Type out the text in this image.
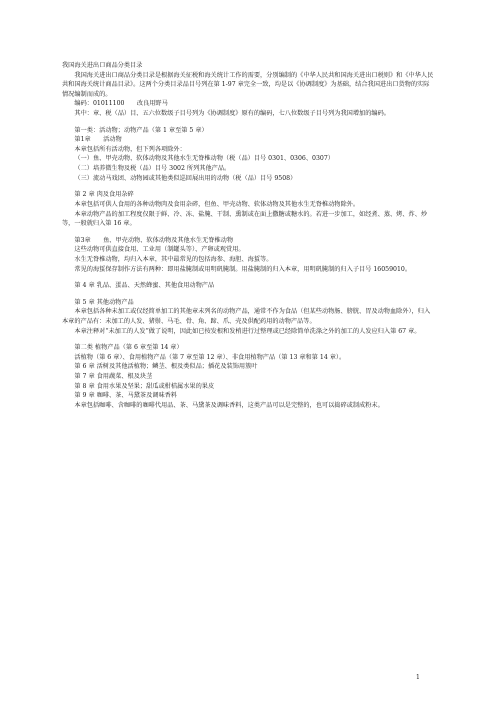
我国海关进出口商品分类目录

我国海关进出口商品分类目录是根据海关征税和海关统计工作的需要，分别编制的《中华人民共和国海关进出口税则》和《中华人民共和国海关统计商品目录》。这两个分类目录品目号列在第 1-97 章完全一致，均是以《协调制度》为基础，结合我国进出口货物的实际情况编制而成的。

编码：01011100　　改良用野马

其中：章、税（品）目、五六位数级子目号列为《协调制度》原有的编码，七八位数级子目号列为我国增加的编码。

第一类：活动物；动物产品（第 1 章至第 5 章）

第1章　　活动物

本章包括所有活动物，但下列各项除外：

（一）鱼、甲壳动物、软体动物及其他水生无脊椎动物（税（品）目号 0301、0306、0307）

（二）培养微生物及税（品）目号 3002 所列其他产品。

（三）流动马戏团、动物园或其他类似巡回展出用的动物（税（品）目号 9508）

第 2 章 肉及食用杂碎

本章包括可供人食用的各种动物肉及食用杂碎，但鱼、甲壳动物、软体动物及其他水生无脊椎动物除外。

本章动物产品的加工程度仅限于鲜、冷、冻、盐腌、干制、熏制或在面上撒糖或糖水的。若进一步加工，如经煮、蒸、烤、炸、炒等，一般就归入第 16 章。

第3章　　鱼、甲壳动物、软体动物及其他水生无脊椎动物

这些动物可供直接食用、工业用（制罐头等）、产卵或观赏用。

水生无脊椎动物，均归入本章，其中最常见的包括海参、海胆、海蜇等。

常见的海蜇保存制作方法有两种：即用盐腌制或用明矾腌制。用盐腌制的归入本章，用明矾腌制的归入子目号 16059010。

第 4 章 乳品、蛋品、天然蜂蜜、其他食用动物产品

第 5 章 其他动物产品

本章包括各种未加工或仅经简单加工的其他章未列名的动物产品，通常不作为食品（但某些动物肠、膀胱、胃及动物血除外），归入本章的产品有：未加工的人发、猪鬃、马毛、骨、角、蹄、爪、壳及供配药用的动物产品等。

本章注释对“未加工的人发”做了说明，因此如已按发根和发梢进行过整理或已经除简单洗涤之外的加工的人发应归入第 67 章。

第二类 植物产品（第 6 章至第 14 章）

活植物（第 6 章）、食用植物产品（第 7 章至第 12 章）、非食用植物产品（第 13 章和第 14 章）。

第 6 章 活树及其他活植物；鳞茎、根及类似品；插花及装饰用簇叶

第 7 章 食用蔬菜、根及块茎

第 8 章 食用水果及坚果；甜瓜或柑桔属水果的果皮

第 9 章 咖啡、茶、马黛茶及调味香料

本章包括咖啡、含咖啡的咖啡代用品、茶、马黛茶及调味香料，这类产品可以是完整的，也可以捣碎或制成粉末。

1
